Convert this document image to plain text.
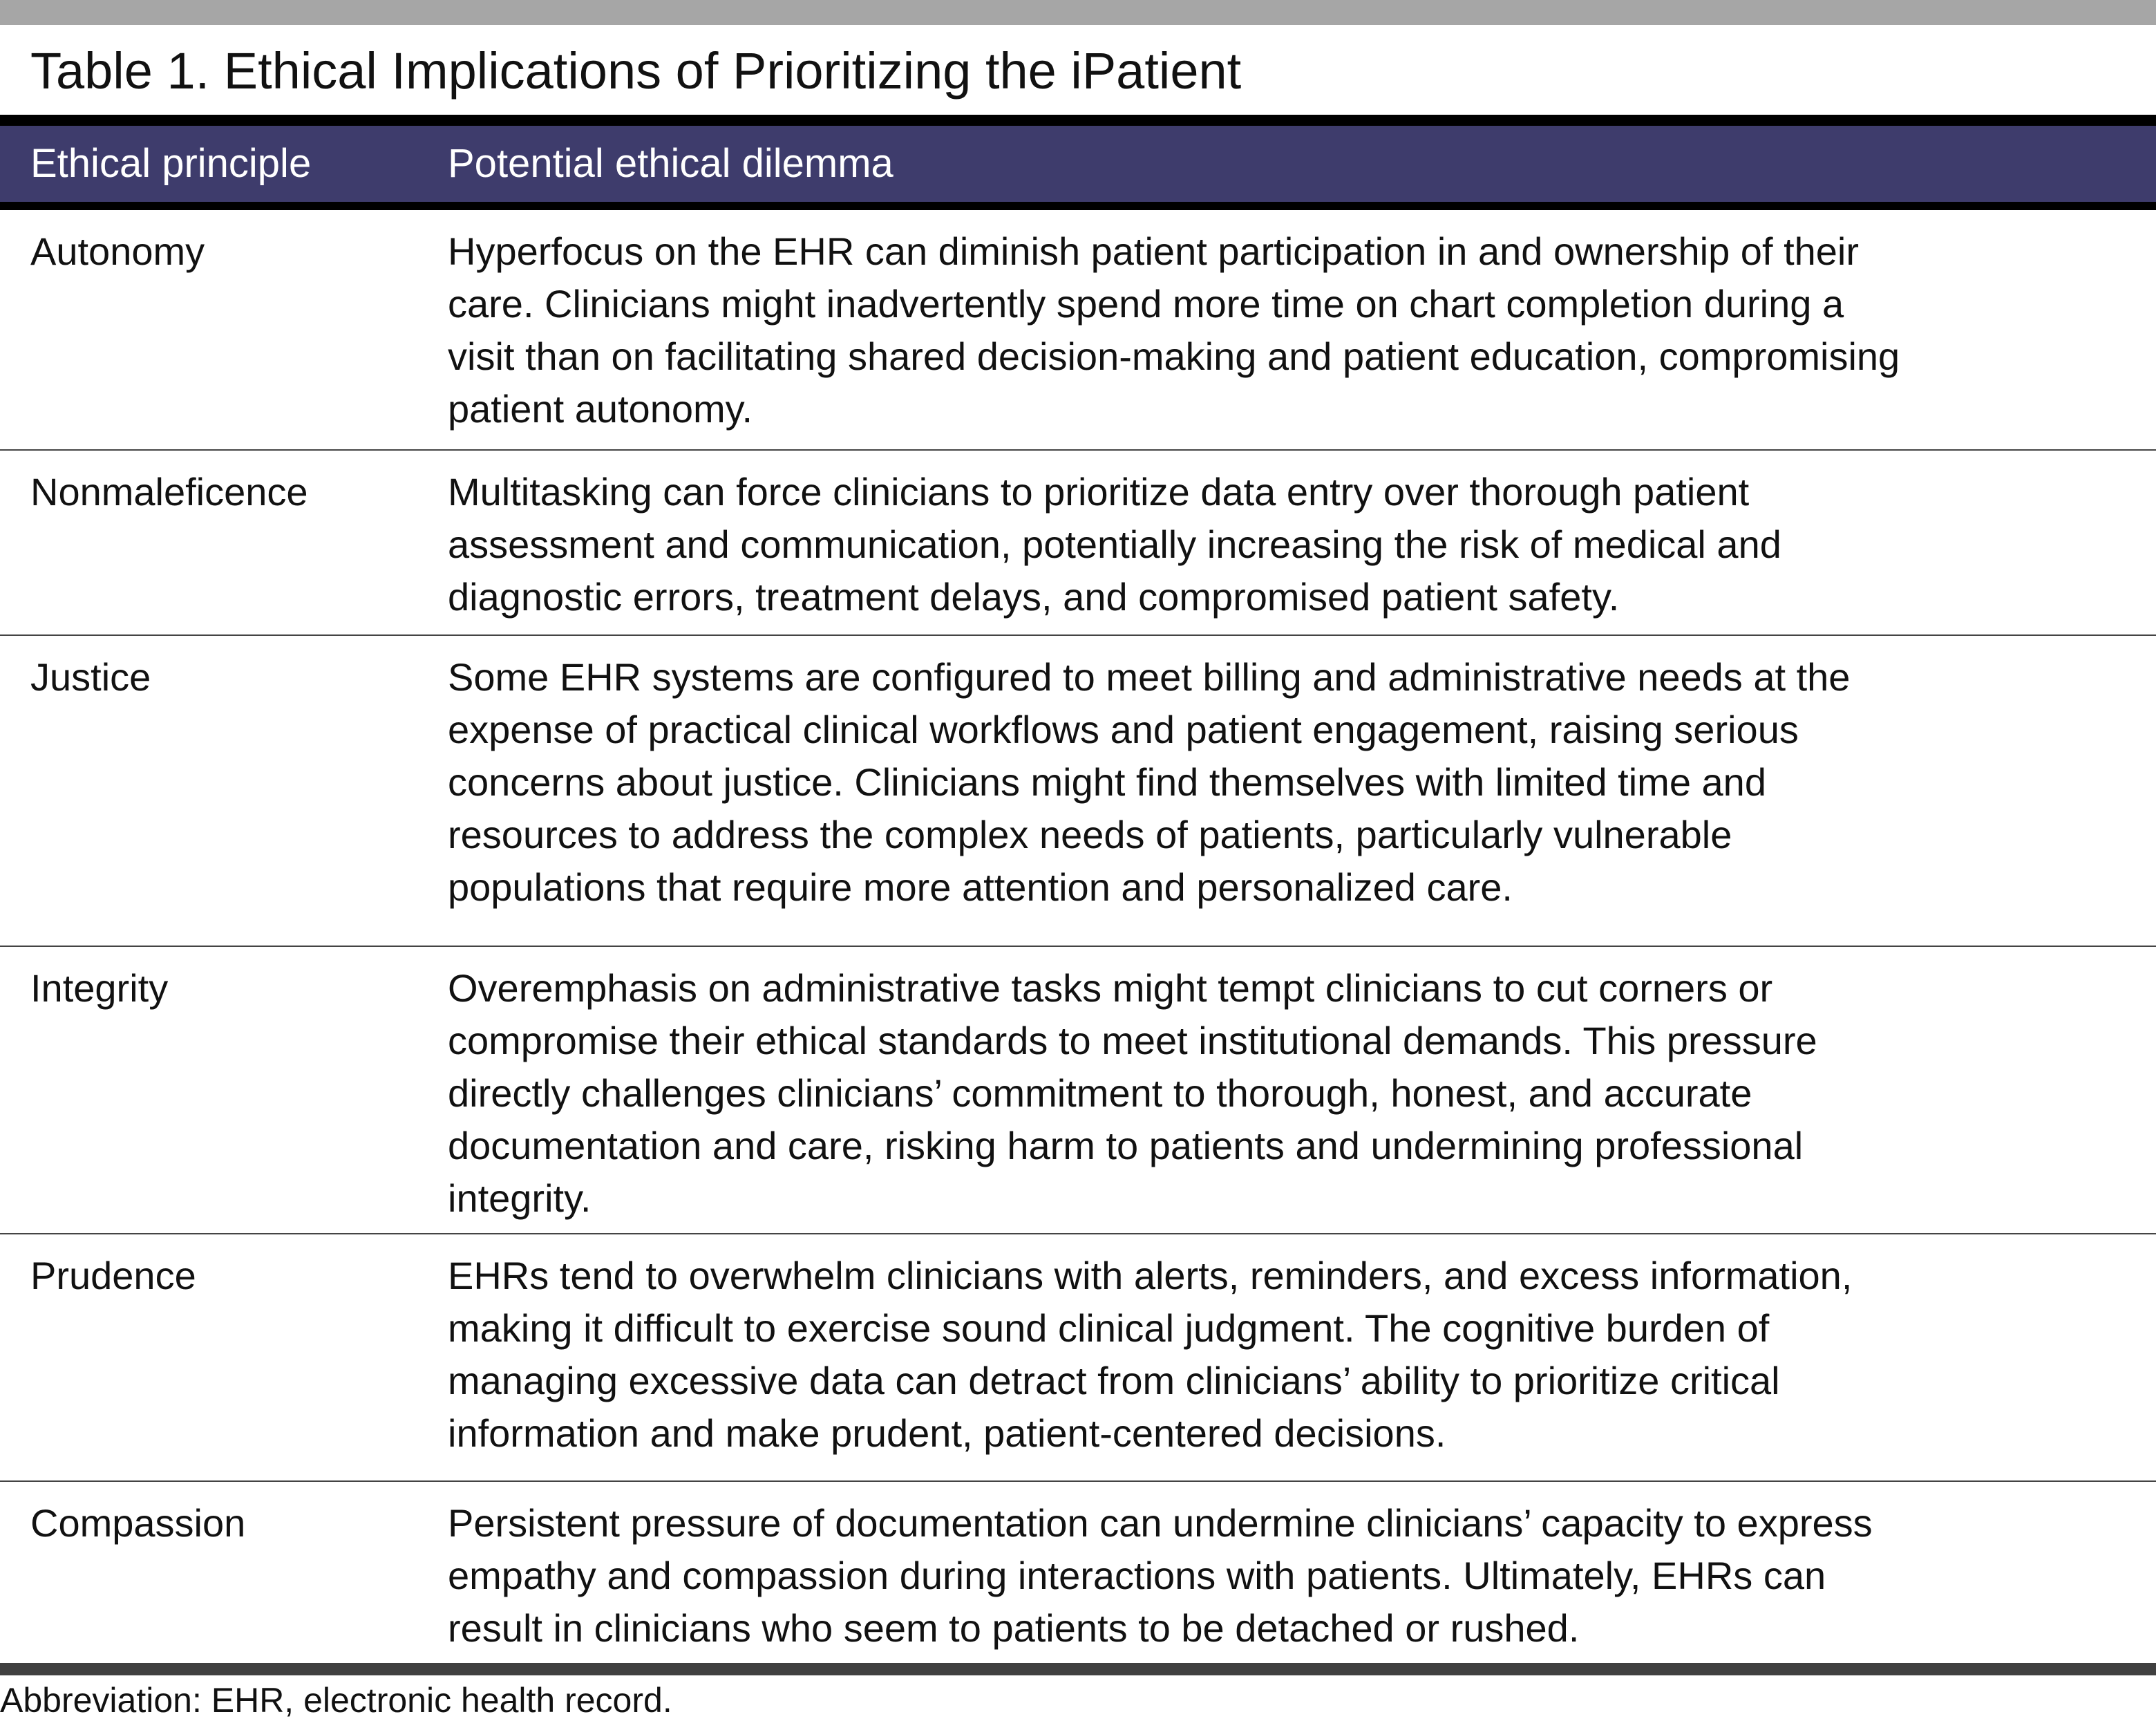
Table 1. Ethical Implications of Prioritizing the iPatient
Ethical principle	Potential ethical dilemma
Autonomy	Hyperfocus on the EHR can diminish patient participation in and ownership of their
care. Clinicians might inadvertently spend more time on chart completion during a
visit than on facilitating shared decision-making and patient education, compromising
patient autonomy.
Nonmaleficence	Multitasking can force clinicians to prioritize data entry over thorough patient
assessment and communication, potentially increasing the risk of medical and
diagnostic errors, treatment delays, and compromised patient safety.
Justice	Some EHR systems are configured to meet billing and administrative needs at the
expense of practical clinical workflows and patient engagement, raising serious
concerns about justice. Clinicians might find themselves with limited time and
resources to address the complex needs of patients, particularly vulnerable
populations that require more attention and personalized care.
Integrity	Overemphasis on administrative tasks might tempt clinicians to cut corners or
compromise their ethical standards to meet institutional demands. This pressure
directly challenges clinicians’ commitment to thorough, honest, and accurate
documentation and care, risking harm to patients and undermining professional
integrity.
Prudence	EHRs tend to overwhelm clinicians with alerts, reminders, and excess information,
making it difficult to exercise sound clinical judgment. The cognitive burden of
managing excessive data can detract from clinicians’ ability to prioritize critical
information and make prudent, patient-centered decisions.
Compassion	Persistent pressure of documentation can undermine clinicians’ capacity to express
empathy and compassion during interactions with patients. Ultimately, EHRs can
result in clinicians who seem to patients to be detached or rushed.
Abbreviation: EHR, electronic health record.
